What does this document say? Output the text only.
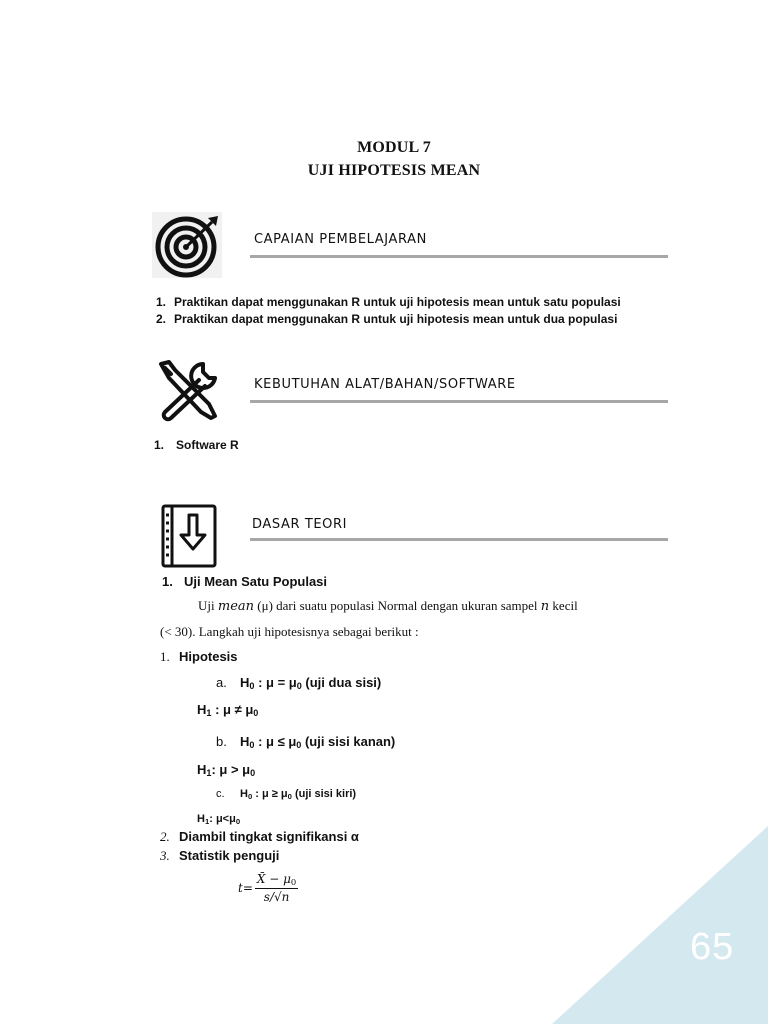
65
MODUL 7
UJI HIPOTESIS MEAN
CAPAIAN PEMBELAJARAN
1. Praktikan dapat menggunakan R untuk uji hipotesis mean untuk satu populasi
2. Praktikan dapat menggunakan R untuk uji hipotesis mean untuk dua populasi
KEBUTUHAN ALAT/BAHAN/SOFTWARE
1. Software R
DASAR TEORI
1. Uji Mean Satu Populasi
Uji mean (μ) dari suatu populasi Normal dengan ukuran sampel n kecil
(< 30). Langkah uji hipotesisnya sebagai berikut :
1. Hipotesis
a. $H_0$ : $\mu = \mu_0$ (uji dua sisi)
$H_1$ : $\mu \ne \mu_0$
b. $H_0$ : $\mu \le \mu_0$ (uji sisi kanan)
$H_1$: $\mu > \mu_0$
c. $H_0$ : $\mu \ge \mu_0$ (uji sisi kiri)
$H_1$: $\mu<\mu_0$
2. Diambil tingkat signifikansi α
3. Statistik penguji
t=
X̄ − $\mu_0$
s/√n
